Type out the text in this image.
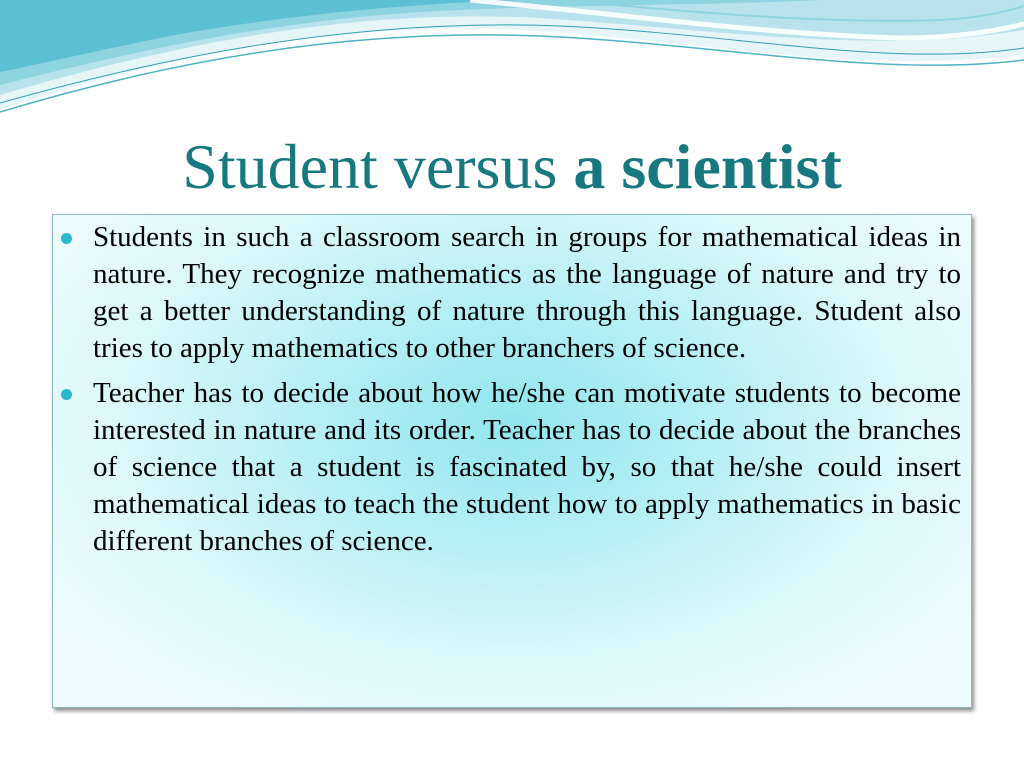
Student versus a scientist
Students in such a classroom search in groups for mathematical ideas in nature. They recognize mathematics as the language of nature and try to get a better understanding of nature through this language. Student also tries to apply mathematics to other branchers of science.
Teacher has to decide about how he/she can motivate students to become interested in nature and its order. Teacher has to decide about the branches of science that a student is fascinated by, so that he/she could insert mathematical ideas to teach the student how to apply mathematics in basic different branches of science.
